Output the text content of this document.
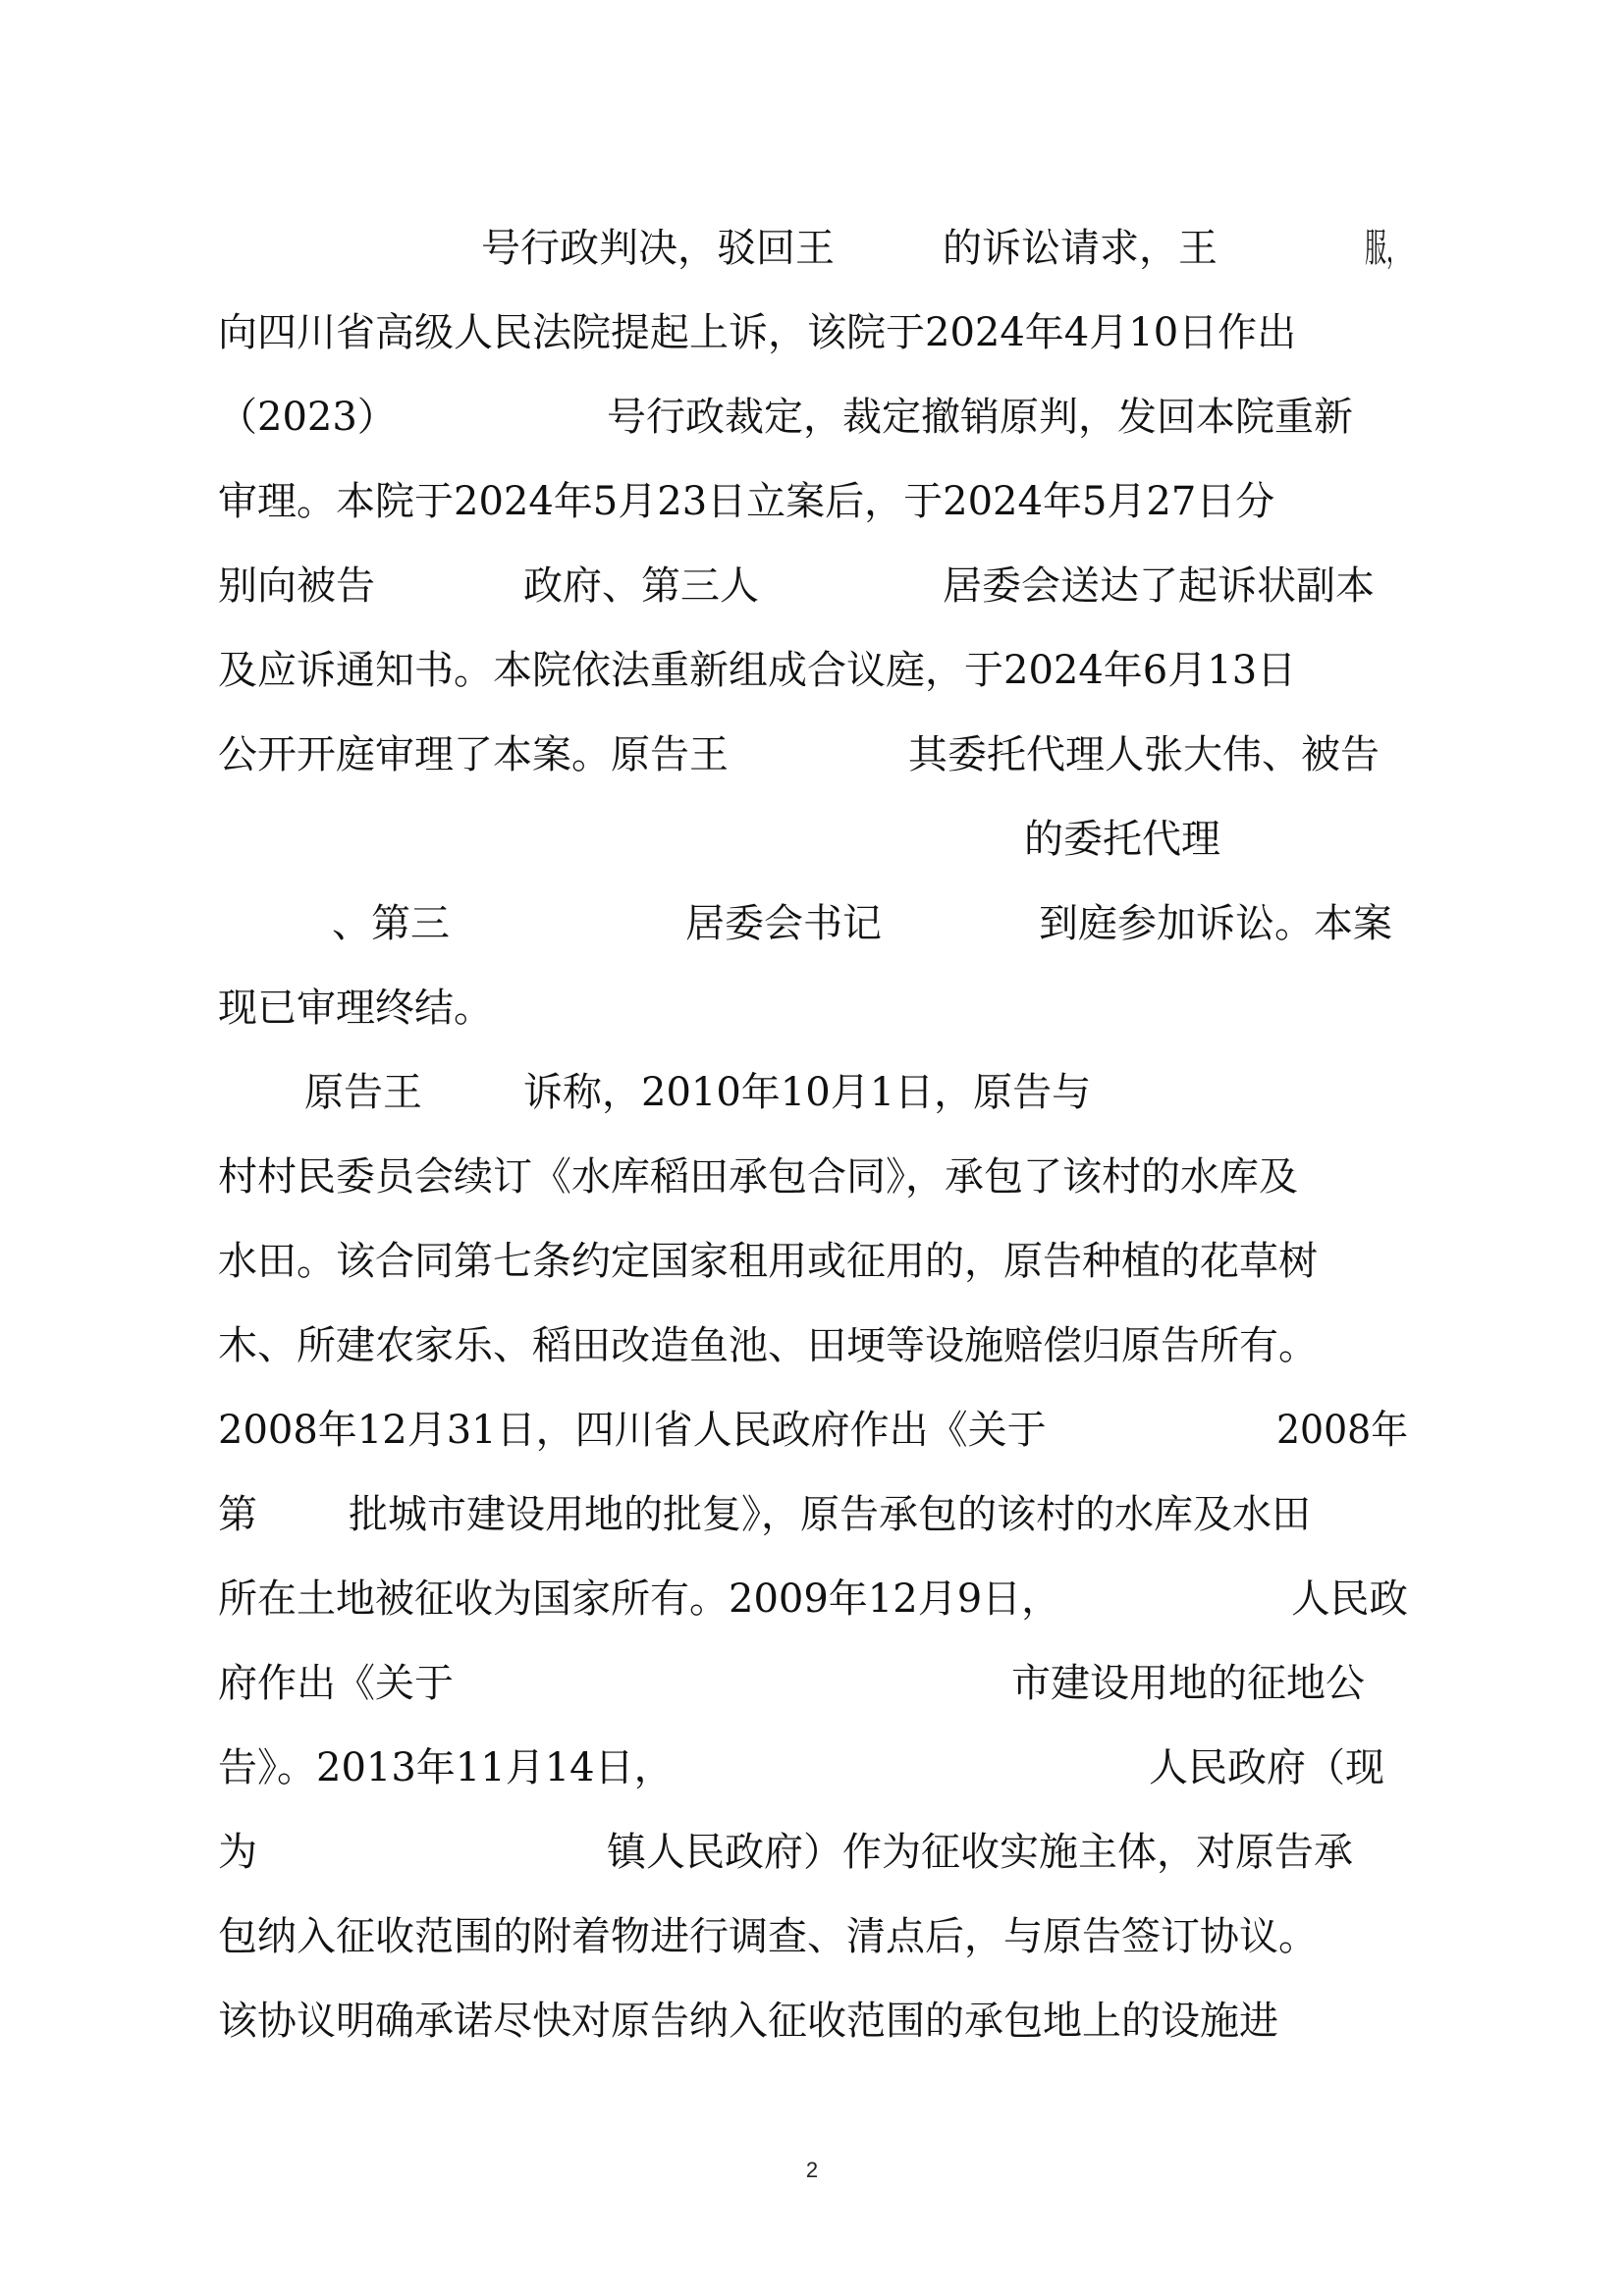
号行政判决，驳回王

	的诉讼请求，王

	服，

向四川省高级人民法院提起上诉，该院于2024年4月10日作出

（2023）

	号行政裁定，裁定撤销原判，发回本院重新

审理。本院于2024年5月23日立案后，于2024年5月27日分

别向被告

	政府、第三人

	居委会送达了起诉状副本

及应诉通知书。本院依法重新组成合议庭，于2024年6月13日

公开开庭审理了本案。原告王

	其委托代理人张大伟、被告

的委托代理

、第三

	居委会书记

	到庭参加诉讼。本案

现已审理终结。

原告王

	诉称，2010年10月1日，原告与

村村民委员会续订《水库稻田承包合同》，承包了该村的水库及

水田。该合同第七条约定国家租用或征用的，原告种植的花草树

木、所建农家乐、稻田改造鱼池、田埂等设施赔偿归原告所有。

2008年12月31日，四川省人民政府作出《关于

	2008年

第

批城市建设用地的批复》，原告承包的该村的水库及水田

所在土地被征收为国家所有。2009年12月9日，

	人民政

府作出《关于

	市建设用地的征地公

告》。2013年11月14日，

	人民政府（现

为

	镇人民政府）作为征收实施主体，对原告承

包纳入征收范围的附着物进行调查、清点后，与原告签订协议。

该协议明确承诺尽快对原告纳入征收范围的承包地上的设施进

2
